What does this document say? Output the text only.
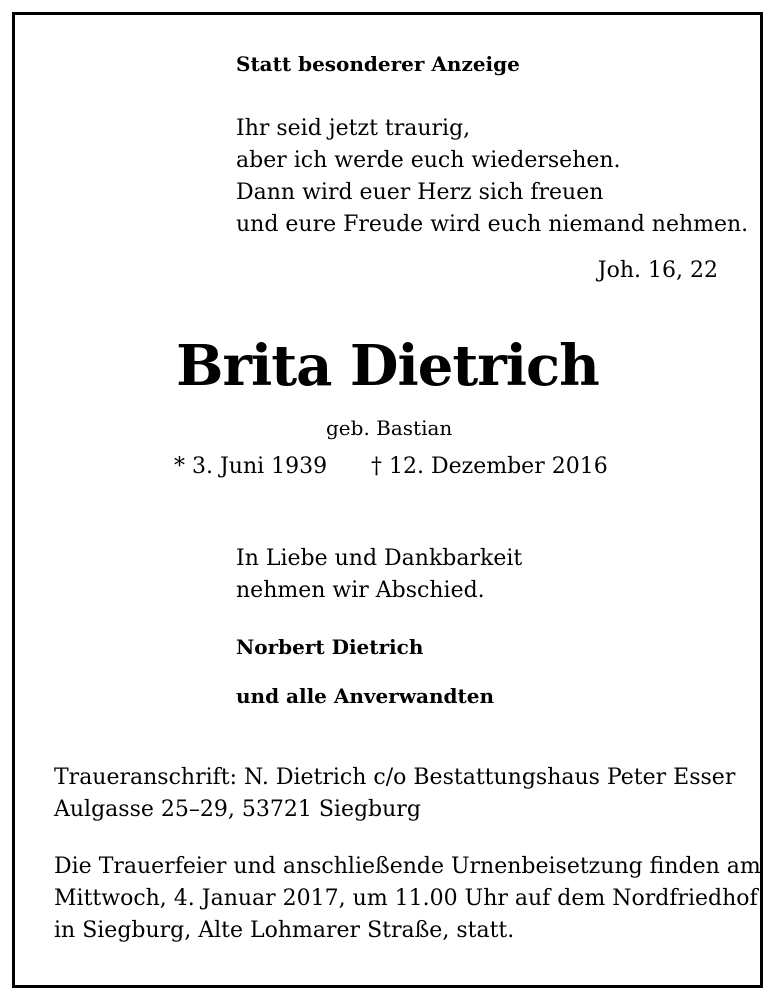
Statt besonderer Anzeige

Ihr seid jetzt traurig,

aber ich werde euch wiedersehen.

Dann wird euer Herz sich freuen

und eure Freude wird euch niemand nehmen.

Joh. 16, 22

Brita Dietrich

geb. Bastian

* 3. Juni 1939 † 12. Dezember 2016

In Liebe und Dankbarkeit

nehmen wir Abschied.

Norbert Dietrich

und alle Anverwandten

Traueranschrift: N. Dietrich c/o Bestattungshaus Peter Esser

Aulgasse 25–29, 53721 Siegburg

Die Trauerfeier und anschließende Urnenbeisetzung finden am

Mittwoch, 4. Januar 2017, um 11.00 Uhr auf dem Nordfriedhof

in Siegburg, Alte Lohmarer Straße, statt.
